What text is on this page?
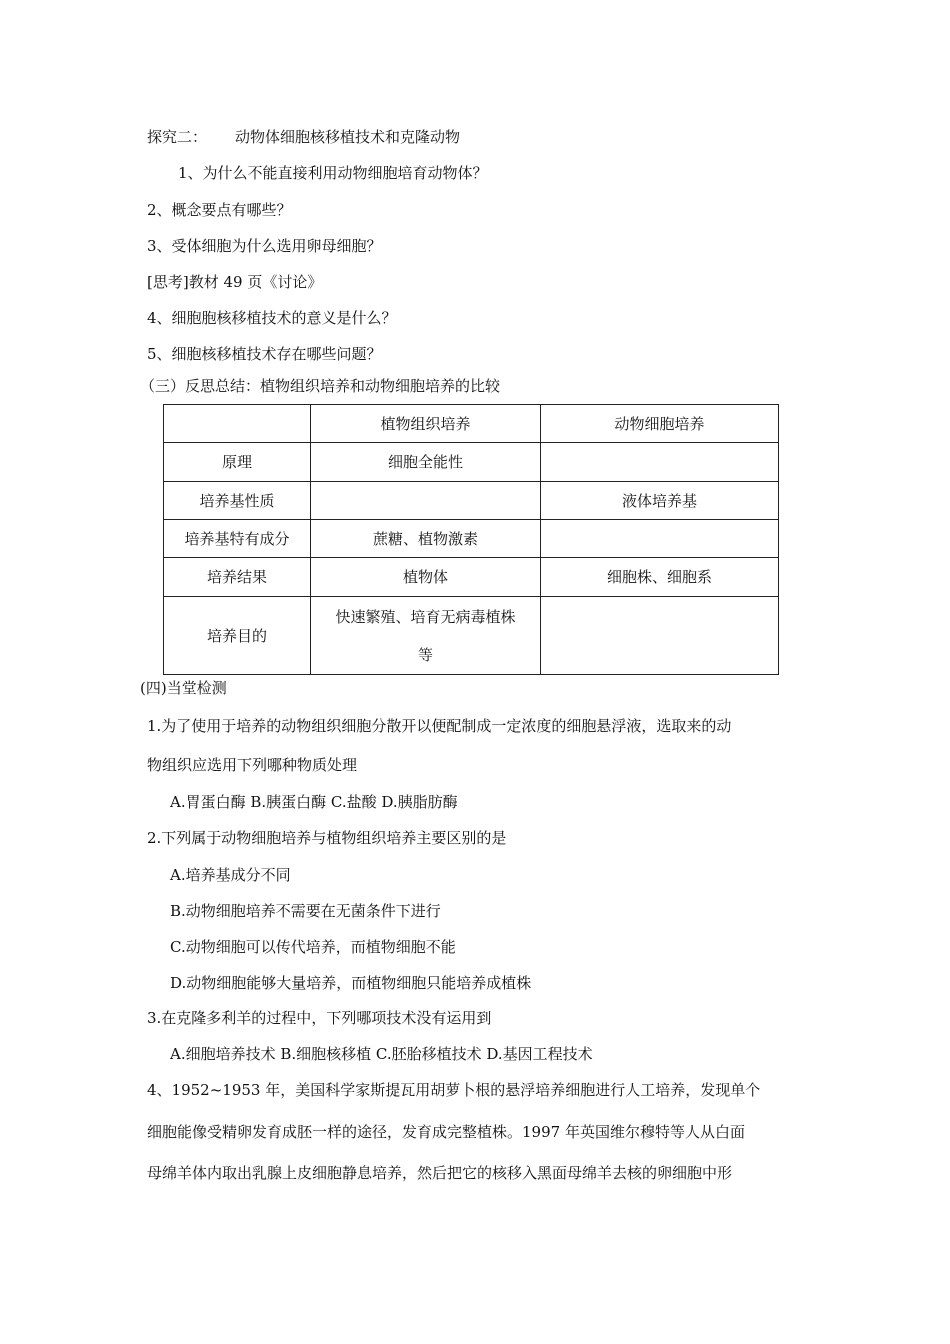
探究二： 动物体细胞核移植技术和克隆动物
1、为什么不能直接利用动物细胞培育动物体？
2、概念要点有哪些？
3、受体细胞为什么选用卵母细胞？
[思考]教材 49 页《讨论》
4、细胞胞核移植技术的意义是什么？
5、细胞核移植技术存在哪些问题？
（三）反思总结：植物组织培养和动物细胞培养的比较
	植物组织培养	动物细胞培养
原理	细胞全能性	
培养基性质		液体培养基
培养基特有成分	蔗糖、植物激素	
培养结果	植物体	细胞株、细胞系
培养目的	快速繁殖、培育无病毒植株
等	
(四)当堂检测
1.为了使用于培养的动物组织细胞分散开以便配制成一定浓度的细胞悬浮液，选取来的动
物组织应选用下列哪种物质处理
A.胃蛋白酶 B.胰蛋白酶 C.盐酸 D.胰脂肪酶
2.下列属于动物细胞培养与植物组织培养主要区别的是
A.培养基成分不同
B.动物细胞培养不需要在无菌条件下进行
C.动物细胞可以传代培养，而植物细胞不能
D.动物细胞能够大量培养，而植物细胞只能培养成植株
3.在克隆多利羊的过程中，下列哪项技术没有运用到
A.细胞培养技术 B.细胞核移植 C.胚胎移植技术 D.基因工程技术
4、1952~1953 年，美国科学家斯提瓦用胡萝卜根的悬浮培养细胞进行人工培养，发现单个
细胞能像受精卵发育成胚一样的途径，发育成完整植株。1997 年英国维尔穆特等人从白面
母绵羊体内取出乳腺上皮细胞静息培养，然后把它的核移入黑面母绵羊去核的卵细胞中形
